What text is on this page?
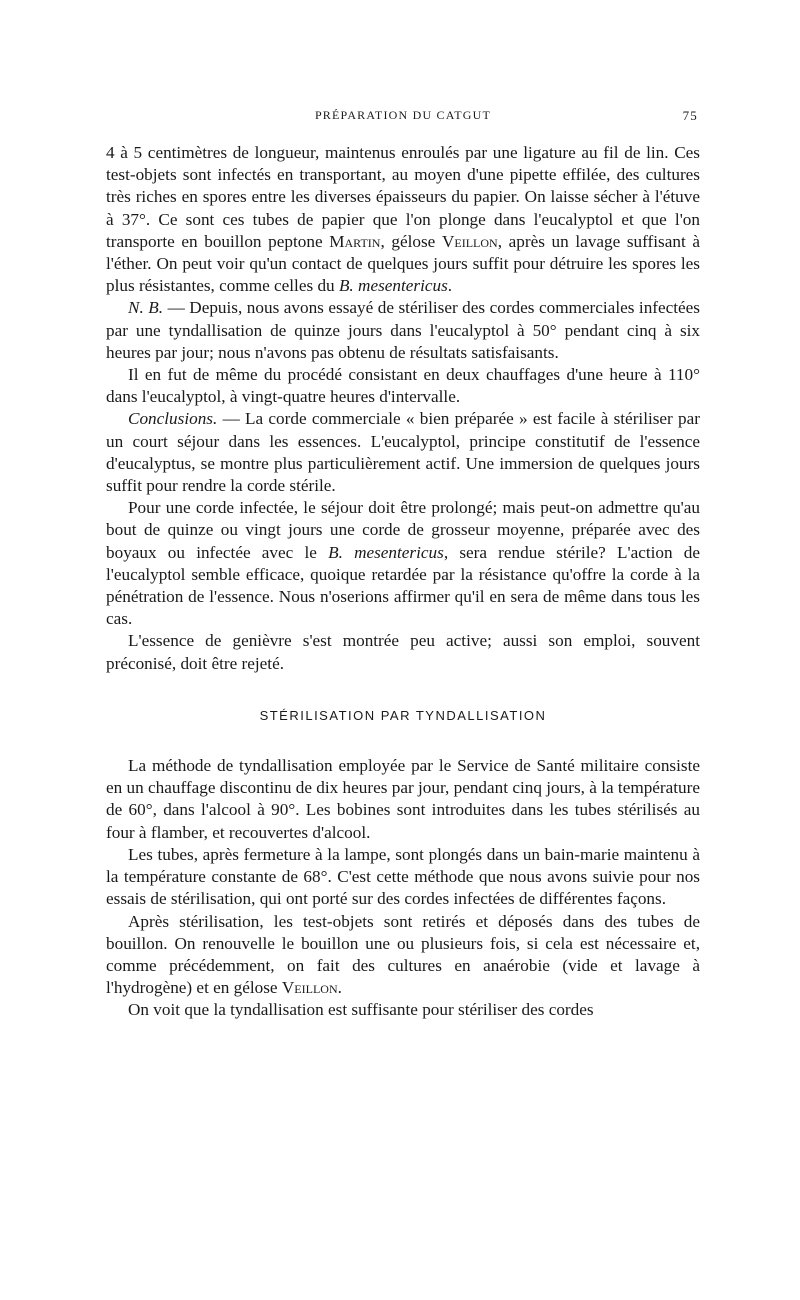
PRÉPARATION DU CATGUT	75

4 à 5 centimètres de longueur, maintenus enroulés par une ligature au fil de lin. Ces test-objets sont infectés en transportant, au moyen d'une pipette effilée, des cultures très riches en spores entre les diverses épaisseurs du papier. On laisse sécher à l'étuve à 37°. Ce sont ces tubes de papier que l'on plonge dans l'eucalyptol et que l'on transporte en bouillon peptone Martin, gélose Veillon, après un lavage suffisant à l'éther. On peut voir qu'un contact de quelques jours suffit pour détruire les spores les plus résistantes, comme celles du B. mesentericus.

N. B. — Depuis, nous avons essayé de stériliser des cordes commerciales infectées par une tyndallisation de quinze jours dans l'eucalyptol à 50° pendant cinq à six heures par jour; nous n'avons pas obtenu de résultats satisfaisants.

Il en fut de même du procédé consistant en deux chauffages d'une heure à 110° dans l'eucalyptol, à vingt-quatre heures d'intervalle.

Conclusions. — La corde commerciale « bien préparée » est facile à stériliser par un court séjour dans les essences. L'eucalyptol, principe constitutif de l'essence d'eucalyptus, se montre plus particulièrement actif. Une immersion de quelques jours suffit pour rendre la corde stérile.

Pour une corde infectée, le séjour doit être prolongé; mais peut-on admettre qu'au bout de quinze ou vingt jours une corde de grosseur moyenne, préparée avec des boyaux ou infectée avec le B. mesentericus, sera rendue stérile? L'action de l'eucalyptol semble efficace, quoique retardée par la résistance qu'offre la corde à la pénétration de l'essence. Nous n'oserions affirmer qu'il en sera de même dans tous les cas.

L'essence de genièvre s'est montrée peu active; aussi son emploi, souvent préconisé, doit être rejeté.

STÉRILISATION PAR TYNDALLISATION

La méthode de tyndallisation employée par le Service de Santé militaire consiste en un chauffage discontinu de dix heures par jour, pendant cinq jours, à la température de 60°, dans l'alcool à 90°. Les bobines sont introduites dans les tubes stérilisés au four à flamber, et recouvertes d'alcool.

Les tubes, après fermeture à la lampe, sont plongés dans un bain-marie maintenu à la température constante de 68°. C'est cette méthode que nous avons suivie pour nos essais de stérilisation, qui ont porté sur des cordes infectées de différentes façons.

Après stérilisation, les test-objets sont retirés et déposés dans des tubes de bouillon. On renouvelle le bouillon une ou plusieurs fois, si cela est nécessaire et, comme précédemment, on fait des cultures en anaérobie (vide et lavage à l'hydrogène) et en gélose Veillon.

On voit que la tyndallisation est suffisante pour stériliser des cordes
